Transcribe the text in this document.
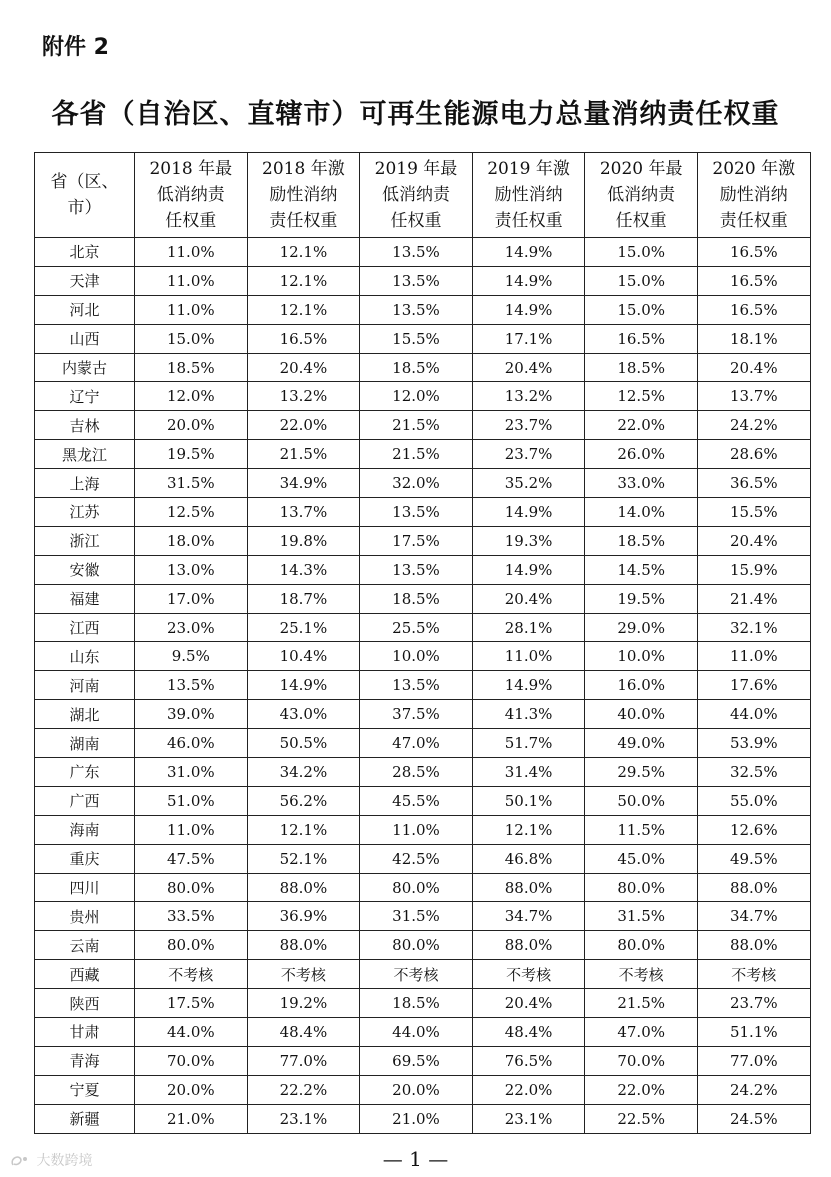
附件 2
各省（自治区、直辖市）可再生能源电力总量消纳责任权重
省（区、
市）	2018 年最
低消纳责
任权重	2018 年激
励性消纳
责任权重	2019 年最
低消纳责
任权重	2019 年激
励性消纳
责任权重	2020 年最
低消纳责
任权重	2020 年激
励性消纳
责任权重

北京	11.0%	12.1%	13.5%	14.9%	15.0%	16.5%
天津	11.0%	12.1%	13.5%	14.9%	15.0%	16.5%
河北	11.0%	12.1%	13.5%	14.9%	15.0%	16.5%
山西	15.0%	16.5%	15.5%	17.1%	16.5%	18.1%
内蒙古	18.5%	20.4%	18.5%	20.4%	18.5%	20.4%
辽宁	12.0%	13.2%	12.0%	13.2%	12.5%	13.7%
吉林	20.0%	22.0%	21.5%	23.7%	22.0%	24.2%
黑龙江	19.5%	21.5%	21.5%	23.7%	26.0%	28.6%
上海	31.5%	34.9%	32.0%	35.2%	33.0%	36.5%
江苏	12.5%	13.7%	13.5%	14.9%	14.0%	15.5%
浙江	18.0%	19.8%	17.5%	19.3%	18.5%	20.4%
安徽	13.0%	14.3%	13.5%	14.9%	14.5%	15.9%
福建	17.0%	18.7%	18.5%	20.4%	19.5%	21.4%
江西	23.0%	25.1%	25.5%	28.1%	29.0%	32.1%
山东	9.5%	10.4%	10.0%	11.0%	10.0%	11.0%
河南	13.5%	14.9%	13.5%	14.9%	16.0%	17.6%
湖北	39.0%	43.0%	37.5%	41.3%	40.0%	44.0%
湖南	46.0%	50.5%	47.0%	51.7%	49.0%	53.9%
广东	31.0%	34.2%	28.5%	31.4%	29.5%	32.5%
广西	51.0%	56.2%	45.5%	50.1%	50.0%	55.0%
海南	11.0%	12.1%	11.0%	12.1%	11.5%	12.6%
重庆	47.5%	52.1%	42.5%	46.8%	45.0%	49.5%
四川	80.0%	88.0%	80.0%	88.0%	80.0%	88.0%
贵州	33.5%	36.9%	31.5%	34.7%	31.5%	34.7%
云南	80.0%	88.0%	80.0%	88.0%	80.0%	88.0%
西藏	不考核	不考核	不考核	不考核	不考核	不考核
陕西	17.5%	19.2%	18.5%	20.4%	21.5%	23.7%
甘肃	44.0%	48.4%	44.0%	48.4%	47.0%	51.1%
青海	70.0%	77.0%	69.5%	76.5%	70.0%	77.0%
宁夏	20.0%	22.2%	20.0%	22.0%	22.0%	24.2%
新疆	21.0%	23.1%	21.0%	23.1%	22.5%	24.5%
— 1 —
大数跨境
